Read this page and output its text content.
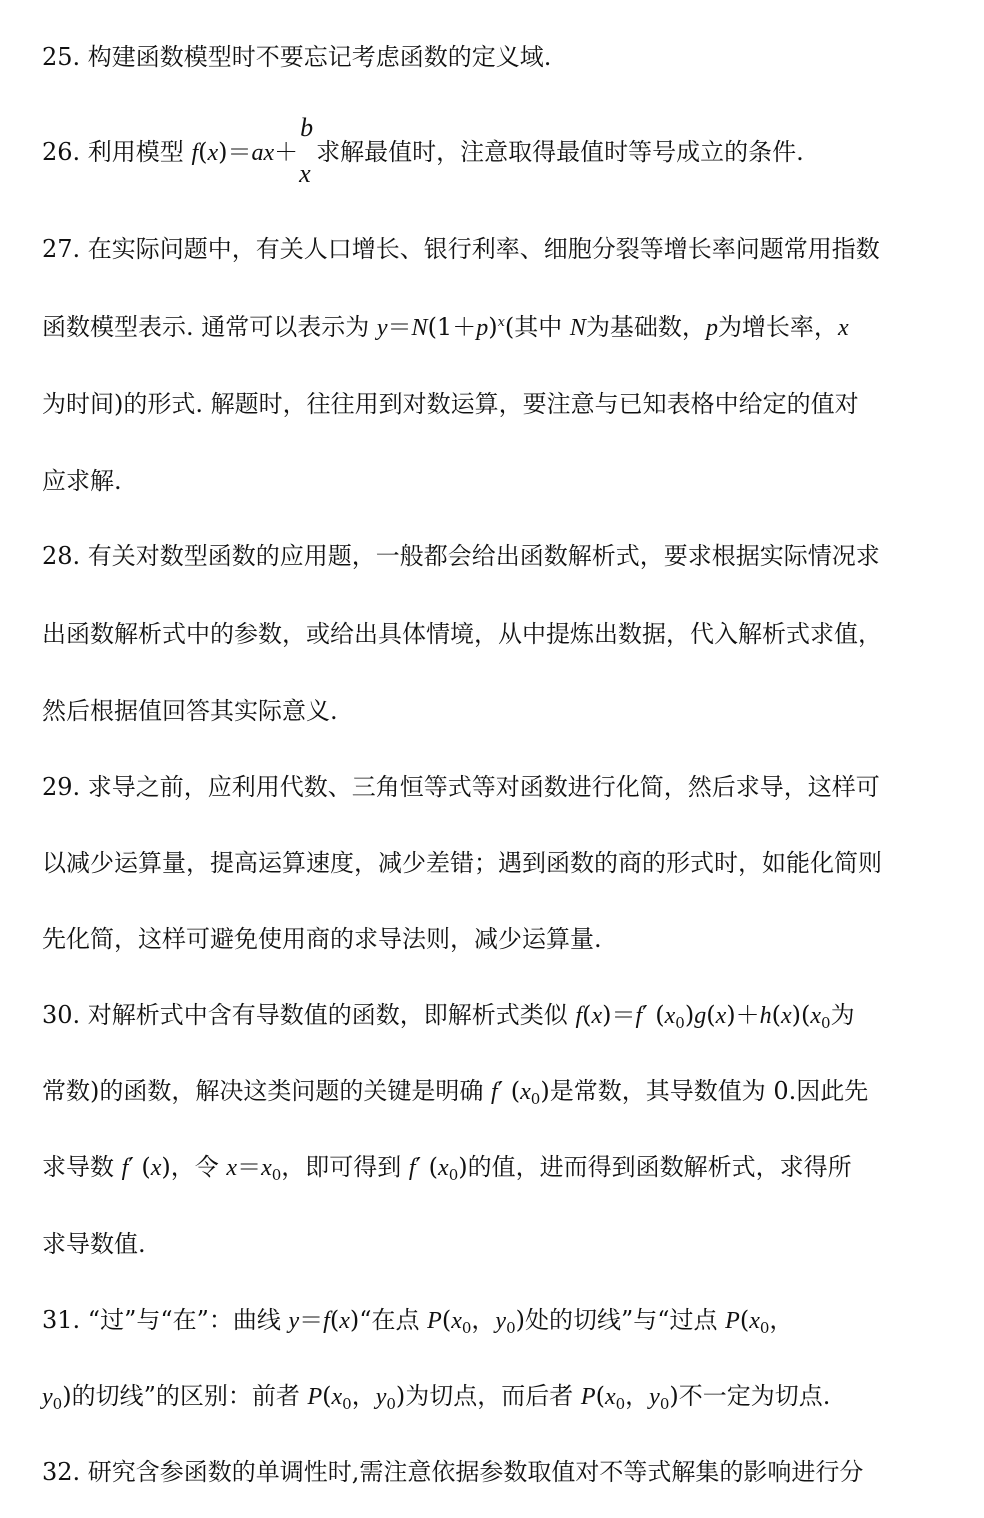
25. 构建函数模型时不要忘记考虑函数的定义域.
26. 利用模型 f(x)＝ax＋
b
x
求解最值时，注意取得最值时等号成立的条件.
27. 在实际问题中，有关人口增长、银行利率、细胞分裂等增长率问题常用指数
函数模型表示. 通常可以表示为 $y=N(1+p)^x$(其中 N为基础数，p为增长率，x
为时间)的形式. 解题时，往往用到对数运算，要注意与已知表格中给定的值对
应求解.
28. 有关对数型函数的应用题，一般都会给出函数解析式，要求根据实际情况求
出函数解析式中的参数，或给出具体情境，从中提炼出数据，代入解析式求值，
然后根据值回答其实际意义.
29. 求导之前，应利用代数、三角恒等式等对函数进行化简，然后求导，这样可
以减少运算量，提高运算速度，减少差错；遇到函数的商的形式时，如能化简则
先化简，这样可避免使用商的求导法则，减少运算量.
30. 对解析式中含有导数值的函数，即解析式类似 f(x)＝f′ $(x_0)g(x)+h(x)(x_0$为
常数)的函数，解决这类问题的关键是明确 f′ $(x_0)$是常数，其导数值为 0.因此先
求导数 f′ (x)，令 $x=x_0$，即可得到 f′ $(x_0)$的值，进而得到函数解析式，求得所
求导数值.
31. “过”与“在”：曲线 y＝f(x)“在点 $P(x_0$，$y_0$)处的切线”与“过点 $P(x_0$，
$y_0$)的切线”的区别：前者 $P(x_0$，$y_0$)为切点，而后者 $P(x_0$，$y_0$)不一定为切点.
32. 研究含参函数的单调性时,需注意依据参数取值对不等式解集的影响进行分
